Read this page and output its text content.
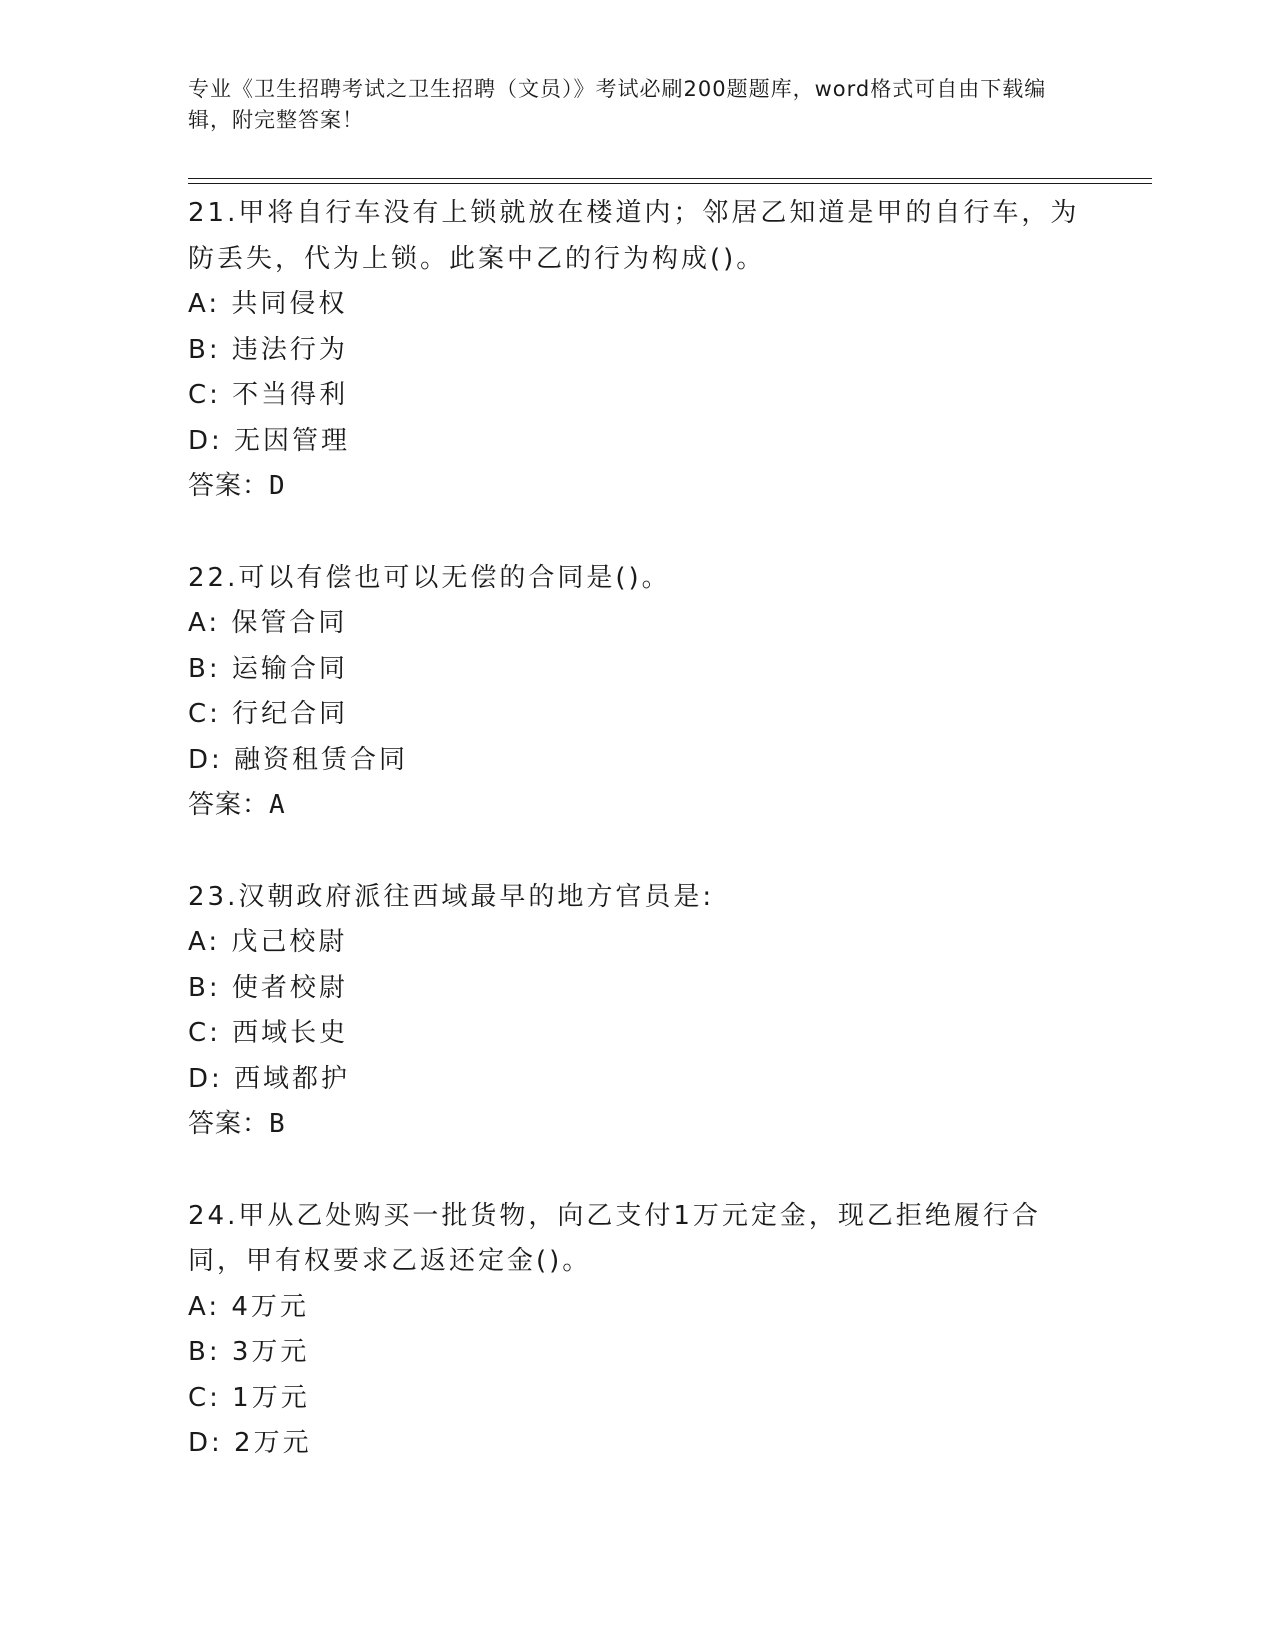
专业《卫生招聘考试之卫生招聘（文员）》考试必刷200题题库，word格式可自由下载编辑，附完整答案！

21.甲将自行车没有上锁就放在楼道内；邻居乙知道是甲的自行车，为防丢失，代为上锁。此案中乙的行为构成()。

A: 共同侵权
B: 违法行为
C: 不当得利
D: 无因管理
答案：D

22.可以有偿也可以无偿的合同是()。

A: 保管合同
B: 运输合同
C: 行纪合同
D: 融资租赁合同
答案：A

23.汉朝政府派往西域最早的地方官员是:

A: 戊己校尉
B: 使者校尉
C: 西域长史
D: 西域都护
答案：B

24.甲从乙处购买一批货物，向乙支付1万元定金，现乙拒绝履行合同，甲有权要求乙返还定金()。

A: 4万元
B: 3万元
C: 1万元
D: 2万元
